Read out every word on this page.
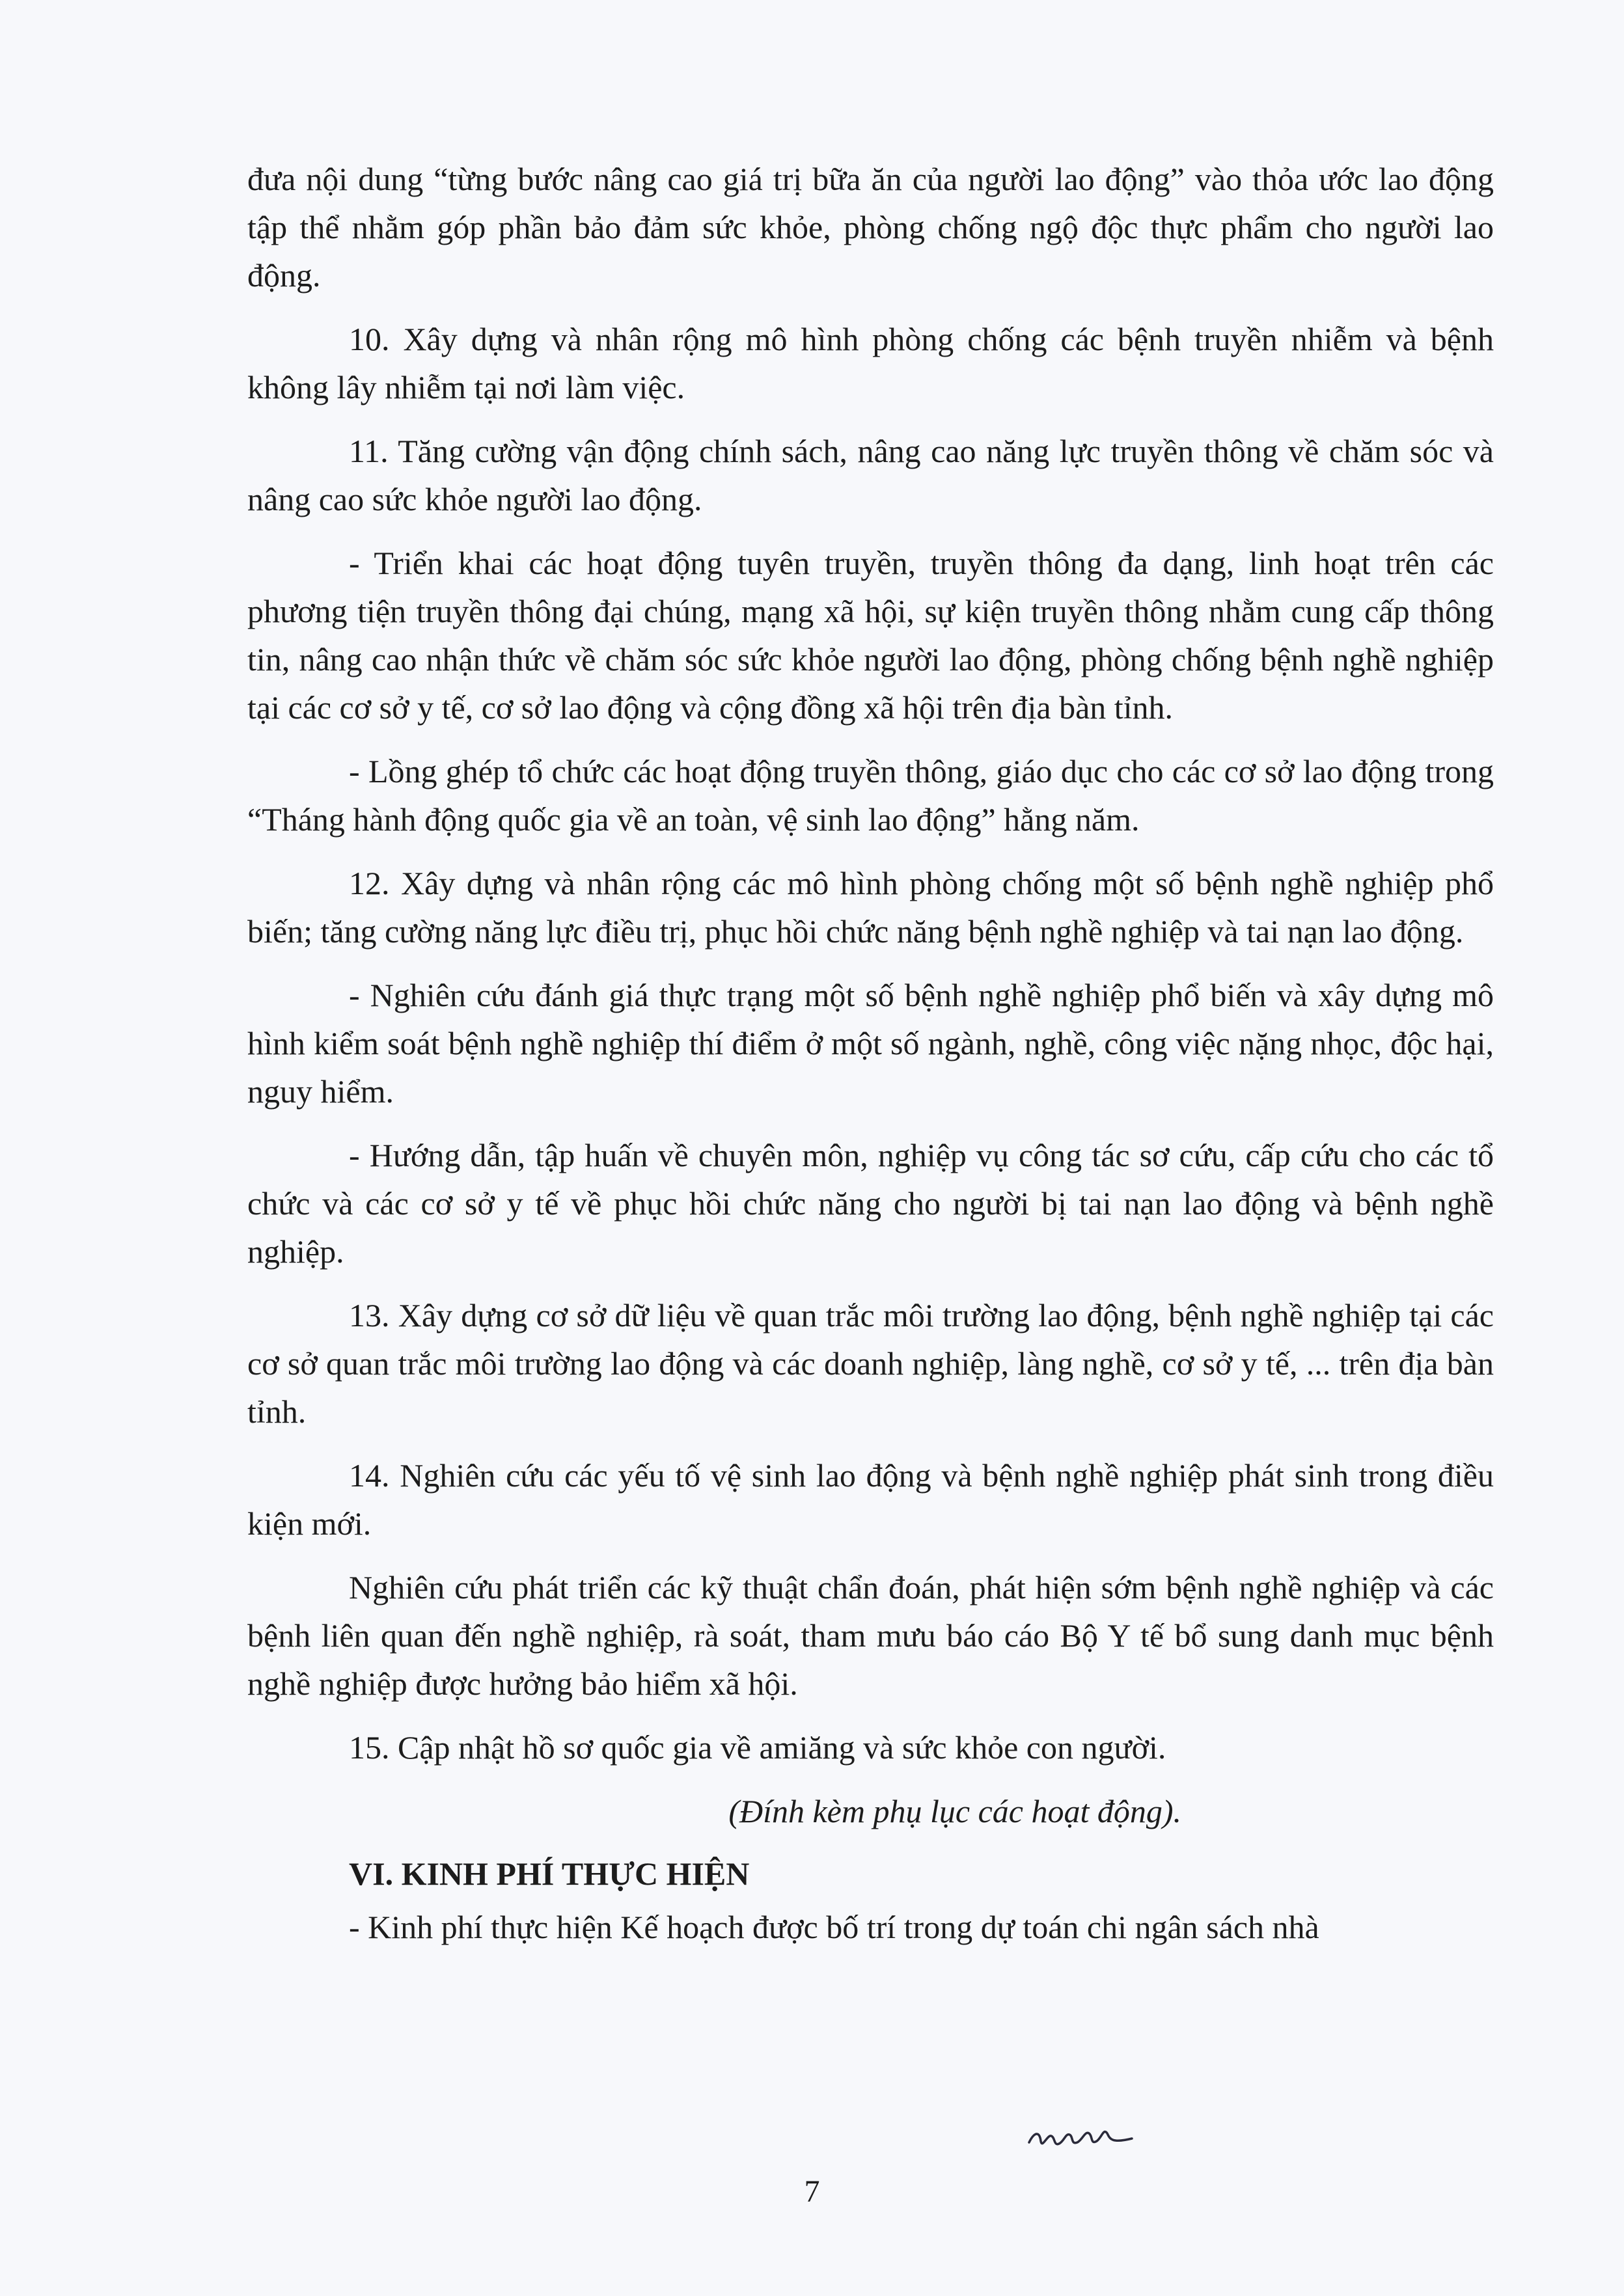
đưa nội dung “từng bước nâng cao giá trị bữa ăn của người lao động” vào thỏa ước lao động tập thể nhằm góp phần bảo đảm sức khỏe, phòng chống ngộ độc thực phẩm cho người lao động.

10. Xây dựng và nhân rộng mô hình phòng chống các bệnh truyền nhiễm và bệnh không lây nhiễm tại nơi làm việc.

11. Tăng cường vận động chính sách, nâng cao năng lực truyền thông về chăm sóc và nâng cao sức khỏe người lao động.

- Triển khai các hoạt động tuyên truyền, truyền thông đa dạng, linh hoạt trên các phương tiện truyền thông đại chúng, mạng xã hội, sự kiện truyền thông nhằm cung cấp thông tin, nâng cao nhận thức về chăm sóc sức khỏe người lao động, phòng chống bệnh nghề nghiệp tại các cơ sở y tế, cơ sở lao động và cộng đồng xã hội trên địa bàn tỉnh.

- Lồng ghép tổ chức các hoạt động truyền thông, giáo dục cho các cơ sở lao động trong “Tháng hành động quốc gia về an toàn, vệ sinh lao động” hằng năm.

12. Xây dựng và nhân rộng các mô hình phòng chống một số bệnh nghề nghiệp phổ biến; tăng cường năng lực điều trị, phục hồi chức năng bệnh nghề nghiệp và tai nạn lao động.

- Nghiên cứu đánh giá thực trạng một số bệnh nghề nghiệp phổ biến và xây dựng mô hình kiểm soát bệnh nghề nghiệp thí điểm ở một số ngành, nghề, công việc nặng nhọc, độc hại, nguy hiểm.

- Hướng dẫn, tập huấn về chuyên môn, nghiệp vụ công tác sơ cứu, cấp cứu cho các tổ chức và các cơ sở y tế về phục hồi chức năng cho người bị tai nạn lao động và bệnh nghề nghiệp.

13. Xây dựng cơ sở dữ liệu về quan trắc môi trường lao động, bệnh nghề nghiệp tại các cơ sở quan trắc môi trường lao động và các doanh nghiệp, làng nghề, cơ sở y tế, ... trên địa bàn tỉnh.

14. Nghiên cứu các yếu tố vệ sinh lao động và bệnh nghề nghiệp phát sinh trong điều kiện mới.

Nghiên cứu phát triển các kỹ thuật chẩn đoán, phát hiện sớm bệnh nghề nghiệp và các bệnh liên quan đến nghề nghiệp, rà soát, tham mưu báo cáo Bộ Y tế bổ sung danh mục bệnh nghề nghiệp được hưởng bảo hiểm xã hội.

15. Cập nhật hồ sơ quốc gia về amiăng và sức khỏe con người.

(Đính kèm phụ lục các hoạt động).

VI. KINH PHÍ THỰC HIỆN

- Kinh phí thực hiện Kế hoạch được bố trí trong dự toán chi ngân sách nhà

7
